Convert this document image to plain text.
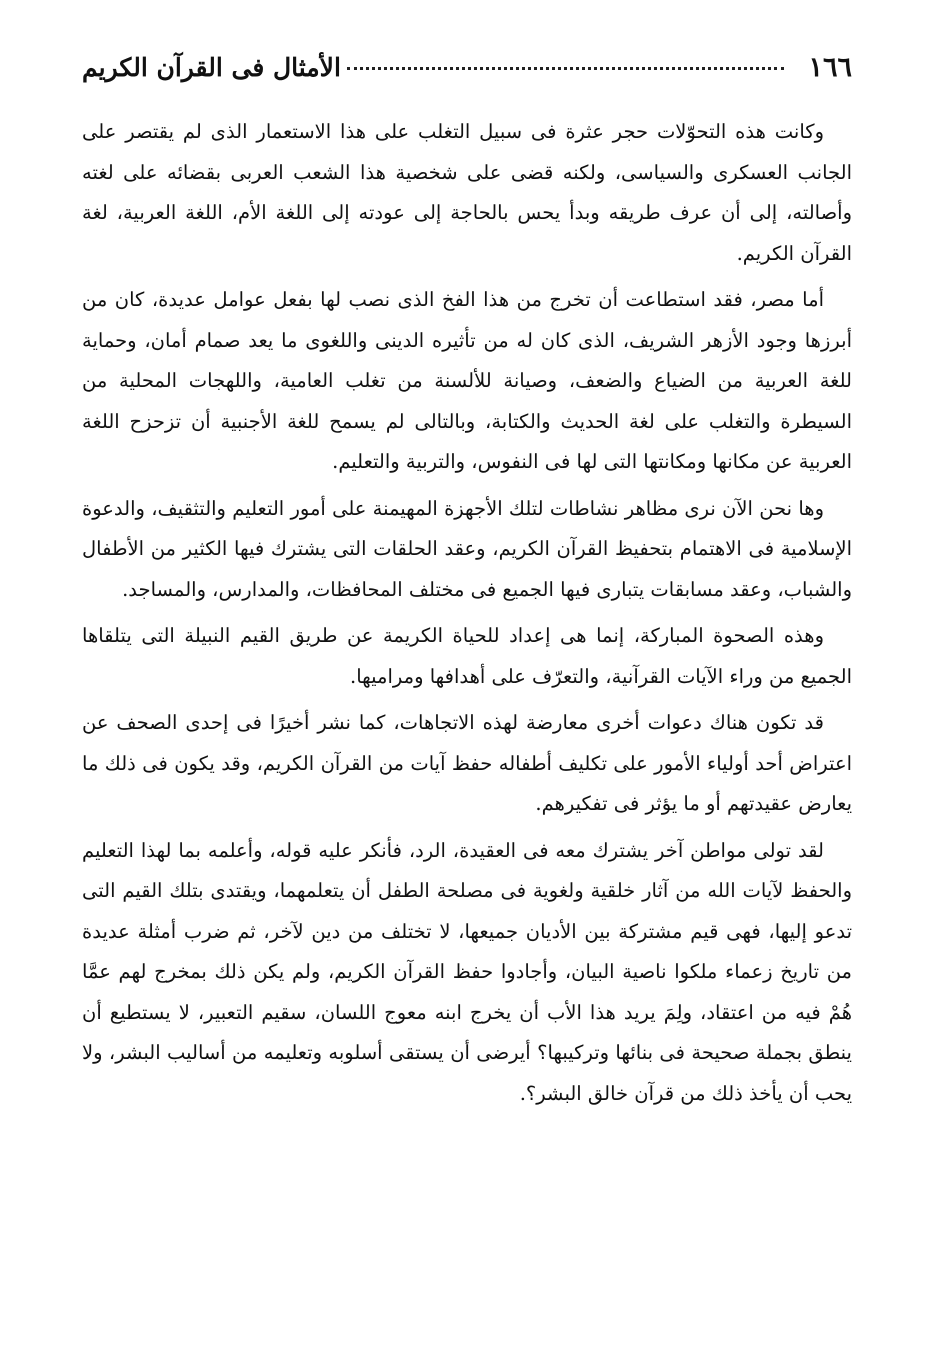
١٦٦
الأمثال فى القرآن الكريم

وكانت هذه التحوّلات حجر عثرة فى سبيل التغلب على هذا الاستعمار الذى لم يقتصر على الجانب العسكرى والسياسى، ولكنه قضى على شخصية هذا الشعب العربى بقضائه على لغته وأصالته، إلى أن عرف طريقه وبدأ يحس بالحاجة إلى عودته إلى اللغة الأم، اللغة العربية، لغة القرآن الكريم.

أما مصر، فقد استطاعت أن تخرج من هذا الفخ الذى نصب لها بفعل عوامل عديدة، كان من أبرزها وجود الأزهر الشريف، الذى كان له من تأثيره الدينى واللغوى ما يعد صمام أمان، وحماية للغة العربية من الضياع والضعف، وصيانة للألسنة من تغلب العامية، واللهجات المحلية من السيطرة والتغلب على لغة الحديث والكتابة، وبالتالى لم يسمح للغة الأجنبية أن تزحزح اللغة العربية عن مكانها ومكانتها التى لها فى النفوس، والتربية والتعليم.

وها نحن الآن نرى مظاهر نشاطات لتلك الأجهزة المهيمنة على أمور التعليم والتثقيف، والدعوة الإسلامية فى الاهتمام بتحفيظ القرآن الكريم، وعقد الحلقات التى يشترك فيها الكثير من الأطفال والشباب، وعقد مسابقات يتبارى فيها الجميع فى مختلف المحافظات، والمدارس، والمساجد.

وهذه الصحوة المباركة، إنما هى إعداد للحياة الكريمة عن طريق القيم النبيلة التى يتلقاها الجميع من وراء الآيات القرآنية، والتعرّف على أهدافها ومراميها.

قد تكون هناك دعوات أخرى معارضة لهذه الاتجاهات، كما نشر أخيرًا فى إحدى الصحف عن اعتراض أحد أولياء الأمور على تكليف أطفاله حفظ آيات من القرآن الكريم، وقد يكون فى ذلك ما يعارض عقيدتهم أو ما يؤثر فى تفكيرهم.

لقد تولى مواطن آخر يشترك معه فى العقيدة، الرد، فأنكر عليه قوله، وأعلمه بما لهذا التعليم والحفظ لآيات الله من آثار خلقية ولغوية فى مصلحة الطفل أن يتعلمهما، ويقتدى بتلك القيم التى تدعو إليها، فهى قيم مشتركة بين الأديان جميعها، لا تختلف من دين لآخر، ثم ضرب أمثلة عديدة من تاريخ زعماء ملكوا ناصية البيان، وأجادوا حفظ القرآن الكريم، ولم يكن ذلك بمخرج لهم عمَّا هُمْ فيه من اعتقاد، ولِمَ يريد هذا الأب أن يخرج ابنه معوج اللسان، سقيم التعبير، لا يستطيع أن ينطق بجملة صحيحة فى بنائها وتركيبها؟ أيرضى أن يستقى أسلوبه وتعليمه من أساليب البشر، ولا يحب أن يأخذ ذلك من قرآن خالق البشر؟.
